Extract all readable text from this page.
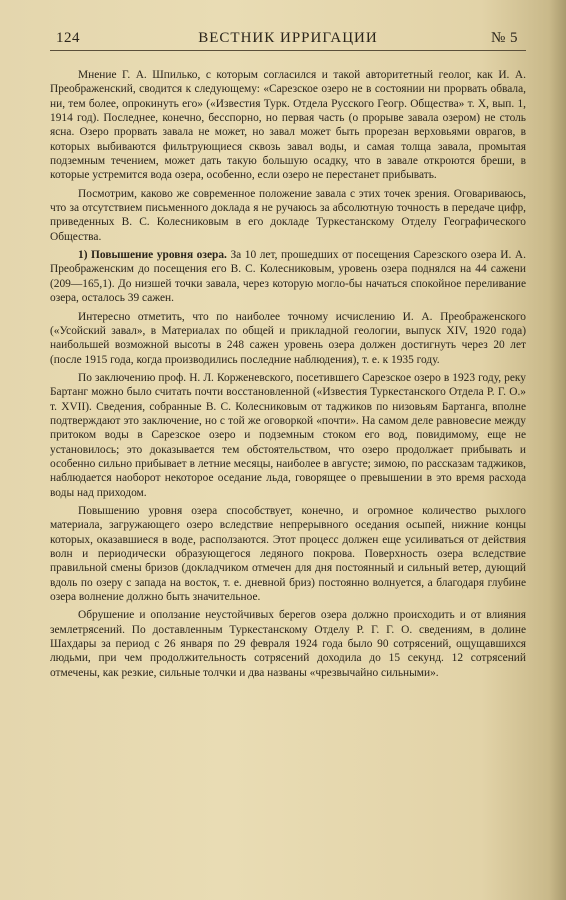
124	ВЕСТНИК ИРРИГАЦИИ	№ 5

Мнение Г. А. Шпилько, с которым согласился и такой авторитетный геолог, как И. А. Преображенский, сводится к следующему: «Сарезское озеро не в состоянии ни прорвать обвала, ни, тем более, опрокинуть его» («Известия Турк. Отдела Русского Геогр. Общества» т. X, вып. 1, 1914 год). Последнее, конечно, бесспорно, но первая часть (о прорыве завала озером) не столь ясна. Озеро прорвать завала не может, но завал может быть прорезан верховьями оврагов, в которых выбиваются фильтрующиеся сквозь завал воды, и самая толща завала, промытая подземным течением, может дать такую большую осадку, что в завале откроются бреши, в которые устремится вода озера, особенно, если озеро не перестанет прибывать.

Посмотрим, каково же современное положение завала с этих точек зрения. Оговариваюсь, что за отсутствием письменного доклада я не ручаюсь за абсолютную точность в передаче цифр, приведенных В. С. Колесниковым в его докладе Туркестанскому Отделу Географического Общества.

1) Повышение уровня озера. За 10 лет, прошедших от посещения Сарезского озера И. А. Преображенским до посещения его В. С. Колесниковым, уровень озера поднялся на 44 сажени (209—165,1). До низшей точки завала, через которую могло-бы начаться спокойное переливание озера, осталось 39 сажен.

Интересно отметить, что по наиболее точному исчислению И. А. Преображенского («Усойский завал», в Материалах по общей и прикладной геологии, выпуск XIV, 1920 года) наибольшей возможной высоты в 248 сажен уровень озера должен достигнуть через 20 лет (после 1915 года, когда производились последние наблюдения), т. е. к 1935 году.

По заключению проф. Н. Л. Корженевского, посетившего Сарезское озеро в 1923 году, реку Бартанг можно было считать почти восстановленной («Известия Туркестанского Отдела Р. Г. О.» т. XVII). Сведения, собранные В. С. Колесниковым от таджиков по низовьям Бартанга, вполне подтверждают это заключение, но с той же оговоркой «почти». На самом деле равновесие между притоком воды в Сарезское озеро и подземным стоком его вод, повидимому, еще не установилось; это доказывается тем обстоятельством, что озеро продолжает прибывать и особенно сильно прибывает в летние месяцы, наиболее в августе; зимою, по рассказам таджиков, наблюдается наоборот некоторое оседание льда, говорящее о превышении в это время расхода воды над приходом.

Повышению уровня озера способствует, конечно, и огромное количество рыхлого материала, загружающего озеро вследствие непрерывного оседания осыпей, нижние концы которых, оказавшиеся в воде, расползаются. Этот процесс должен еще усиливаться от действия волн и периодически образующегося ледяного покрова. Поверхность озера вследствие правильной смены бризов (докладчиком отмечен для дня постоянный и сильный ветер, дующий вдоль по озеру с запада на восток, т. е. дневной бриз) постоянно волнуется, а благодаря глубине озера волнение должно быть значительное.

Обрушение и оползание неустойчивых берегов озера должно происходить и от влияния землетрясений. По доставленным Туркестанскому Отделу Р. Г. Г. О. сведениям, в долине Шахдары за период с 26 января по 29 февраля 1924 года было 90 сотрясений, ощущавшихся людьми, при чем продолжительность сотрясений доходила до 15 секунд. 12 сотрясений отмечены, как резкие, сильные толчки и два названы «чрезвычайно сильными».
